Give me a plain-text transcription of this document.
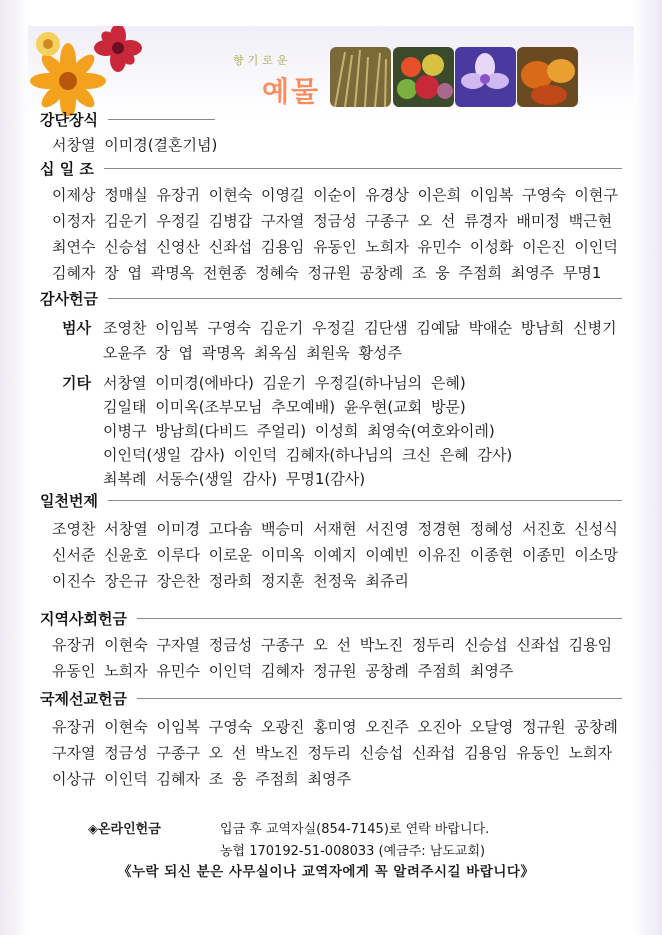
향기로운
예물
강단장식
서창열 이미경(결혼기념)
십 일 조
이제상 정매실 유장귀 이현숙 이영길 이순이 유경상 이은희 이임복 구영숙 이현구
이정자 김운기 우정길 김병갑 구자열 정금성 구종구 오 선 류경자 배미정 백근현
최연수 신승섭 신영산 신좌섭 김용임 유동인 노희자 유민수 이성화 이은진 이인덕
김혜자 장 엽 곽명옥 전현종 정혜숙 정규원 공창례 조 웅 주점희 최영주 무명1
감사헌금
범사 조영찬 이임복 구영숙 김운기 우정길 김단샘 김예닮 박애순 방남희 신병기
오윤주 장 엽 곽명옥 최옥심 최원욱 황성주
기타 서창열 이미경(에바다) 김운기 우정길(하나님의 은혜)
김일태 이미옥(조부모님 추모예배) 윤우현(교회 방문)
이병구 방남희(다비드 주얼리) 이성희 최영숙(여호와이레)
이인덕(생일 감사) 이인덕 김혜자(하나님의 크신 은혜 감사)
최복례 서동수(생일 감사) 무명1(감사)
일천번제
조영찬 서창열 이미경 고다솜 백승미 서재현 서진영 정경현 정혜성 서진호 신성식
신서준 신윤호 이루다 이로운 이미옥 이예지 이예빈 이유진 이종현 이종민 이소망
이진수 장은규 장은찬 정라희 정지훈 천정욱 최쥬리
지역사회헌금
유장귀 이현숙 구자열 정금성 구종구 오 선 박노진 정두리 신승섭 신좌섭 김용임
유동인 노희자 유민수 이인덕 김혜자 정규원 공창례 주점희 최영주
국제선교헌금
유장귀 이현숙 이임복 구영숙 오광진 홍미영 오진주 오진아 오달영 정규원 공창례
구자열 정금성 구종구 오 선 박노진 정두리 신승섭 신좌섭 김용임 유동인 노희자
이상규 이인덕 김혜자 조 웅 주점희 최영주
◈온라인헌금	입금 후 교역자실(854-7145)로 연락 바랍니다.
농협 170192-51-008033 (예금주: 남도교회)
《누락 되신 분은 사무실이나 교역자에게 꼭 알려주시길 바랍니다》
